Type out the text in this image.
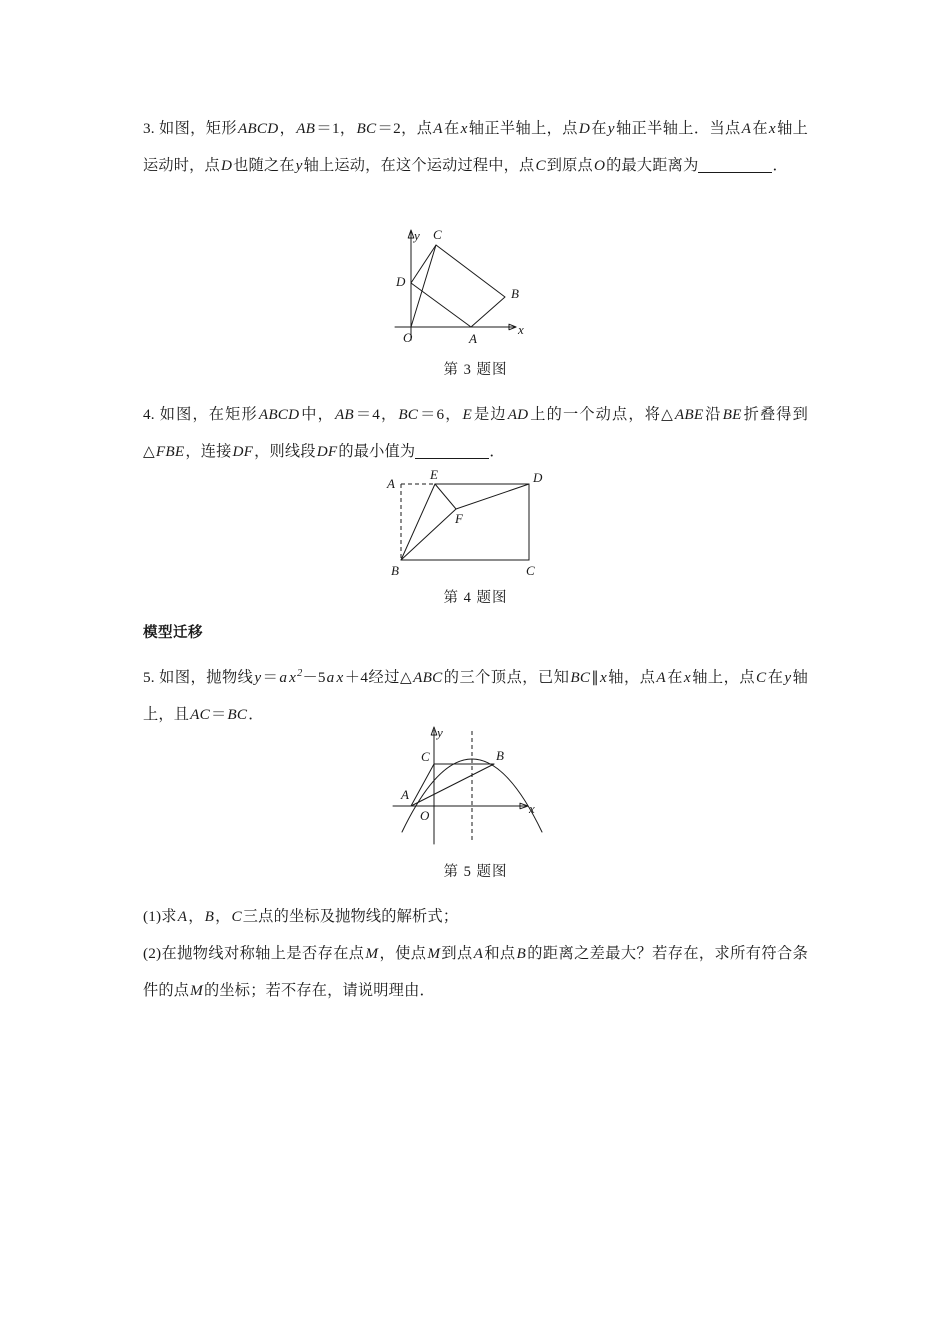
3. 如图，矩形ABCD，AB＝1，BC＝2，点A在x轴正半轴上，点D在y轴正半轴上．当点A在x轴上运动时，点D也随之在y轴上运动，在这个运动过程中，点C到原点O的最大距离为	．
O
x
y
A
B
C
D
第 3 题图
4. 如图，在矩形ABCD中，AB＝4，BC＝6，E是边AD上的一个动点，将△ABE沿BE折叠得到△FBE，连接DF，则线段DF的最小值为	．
A
B	C
D
E
F
第 4 题图
模型迁移
5. 如图，抛物线y＝a $x^2-5a$ x＋4经过△ABC的三个顶点，已知BC∥x轴，点A在x轴上，点C在y轴上，且AC＝BC．
A
B
C
O	x
y
第 5 题图
(1)求A，B，C三点的坐标及抛物线的解析式；
(2)在抛物线对称轴上是否存在点M，使点M到点A和点B的距离之差最大？若存在，求所有符合条件的点M的坐标；若不存在，请说明理由．
